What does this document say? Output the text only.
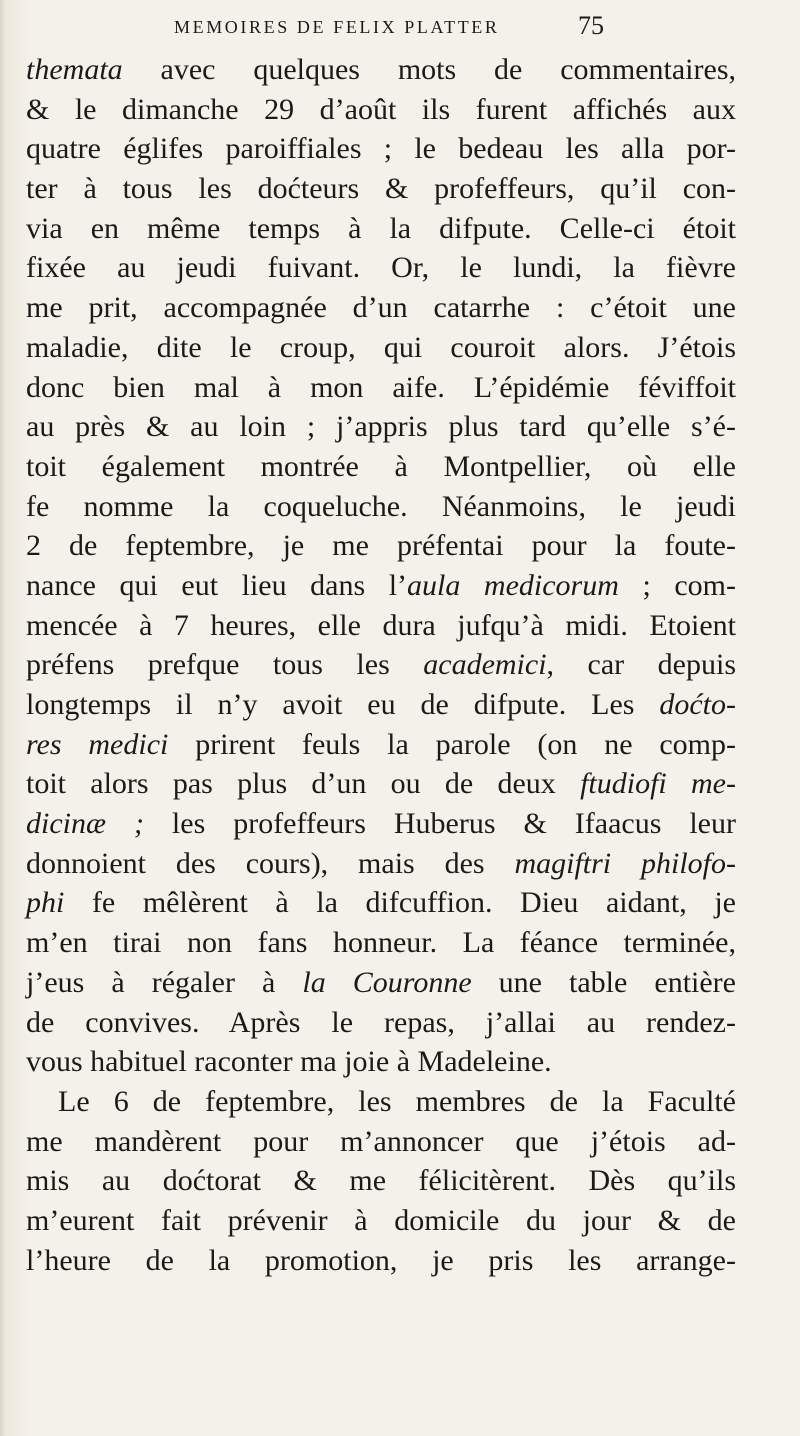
MEMOIRES DE FELIX PLATTER	75
themata avec quelques mots de commentaires,
& le dimanche 29 d’août ils furent affichés aux
quatre églifes paroiffiales ; le bedeau les alla por-
ter à tous les doćteurs & profeffeurs, qu’il con-
via en même temps à la difpute. Celle-ci étoit
fixée au jeudi fuivant. Or, le lundi, la fièvre
me prit, accompagnée d’un catarrhe : c’étoit une
maladie, dite le croup, qui couroit alors. J’étois
donc bien mal à mon aife. L’épidémie féviffoit
au près & au loin ; j’appris plus tard qu’elle s’é-
toit également montrée à Montpellier, où elle
fe nomme la coqueluche. Néanmoins, le jeudi
2 de feptembre, je me préfentai pour la foute-
nance qui eut lieu dans l’aula medicorum ; com-
mencée à 7 heures, elle dura jufqu’à midi. Etoient
préfens prefque tous les academici, car depuis
longtemps il n’y avoit eu de difpute. Les doćto-
res medici prirent feuls la parole (on ne comp-
toit alors pas plus d’un ou de deux ftudiofi me-
dicinæ ; les profeffeurs Huberus & Ifaacus leur
donnoient des cours), mais des magiftri philofo-
phi fe mêlèrent à la difcuffion. Dieu aidant, je
m’en tirai non fans honneur. La féance terminée,
j’eus à régaler à la Couronne une table entière
de convives. Après le repas, j’allai au rendez-
vous habituel raconter ma joie à Madeleine.
Le 6 de feptembre, les membres de la Faculté
me mandèrent pour m’annoncer que j’étois ad-
mis au doćtorat & me félicitèrent. Dès qu’ils
m’eurent fait prévenir à domicile du jour & de
l’heure de la promotion, je pris les arrange-
